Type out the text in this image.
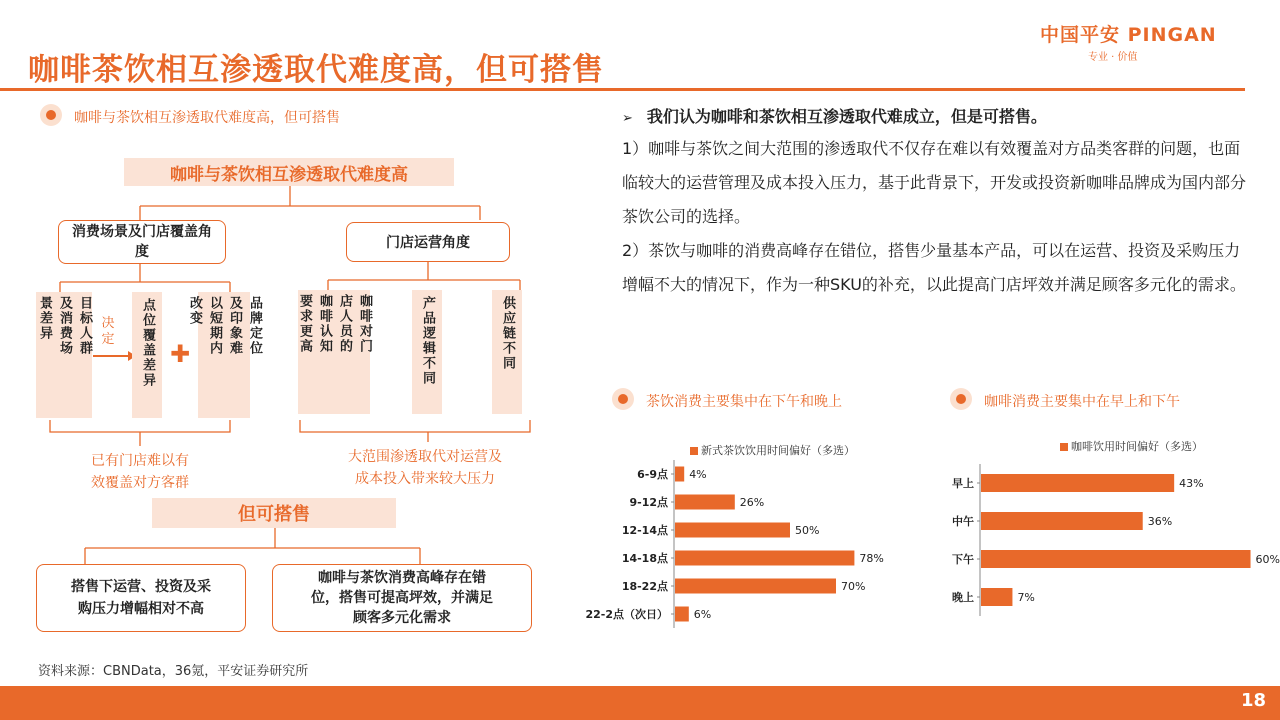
咖啡茶饮相互渗透取代难度高，但可搭售
中国平安 PINGAN
专业 · 价值
咖啡与茶饮相互渗透取代难度高，但可搭售
咖啡与茶饮相互渗透取代难度高
消费场景及门店覆盖角度
门店运营角度
目标人群
及消费场
景差异	决定	点位覆盖差异 ✚	品牌定位
及印象难
以短期内
改变	咖啡对门
店人员的
咖啡认知
要求更高	产品逻辑不同	供应链不同
已有门店难以有
效覆盖对方客群
大范围渗透取代对运营及
成本投入带来较大压力
但可搭售
搭售下运营、投资及采
购压力增幅相对不高
咖啡与茶饮消费高峰存在错
位，搭售可提高坪效，并满足
顾客多元化需求
➢ 我们认为咖啡和茶饮相互渗透取代难成立，但是可搭售。
1）咖啡与茶饮之间大范围的渗透取代不仅存在难以有效覆盖对方品类客群的问题，也面临较大的运营管理及成本投入压力，基于此背景下，开发或投资新咖啡品牌成为国内部分茶饮公司的选择。
2）茶饮与咖啡的消费高峰存在错位，搭售少量基本产品，可以在运营、投资及采购压力增幅不大的情况下，作为一种SKU的补充，以此提高门店坪效并满足顾客多元化的需求。
茶饮消费主要集中在下午和晚上	咖啡消费主要集中在早上和下午
新式茶饮饮用时间偏好（多选）
6-9点 4%
9-12点	26%
12-14点	50%
14-18点	78%
18-22点	70%
22-2点（次日） 6%
咖啡饮用时间偏好（多选）
早上	43%
中午	36%
下午	60%
晚上	7%
资料来源：CBNData，36氪，平安证券研究所
18
